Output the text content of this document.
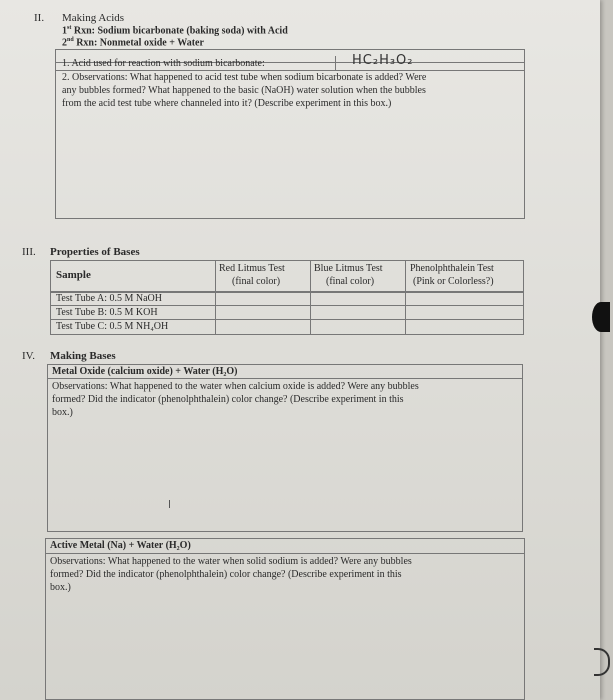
II. Making Acids
1st Rxn: Sodium bicarbonate (baking soda) with Acid
2nd Rxn: Nonmetal oxide + Water
1. Acid used for reaction with sodium bicarbonate:	HC₂H₃O₂
2. Observations: What happened to acid test tube when sodium bicarbonate is added? Were
any bubbles formed? What happened to the basic (NaOH) water solution when the bubbles
from the acid test tube where channeled into it? (Describe experiment in this box.)
III. Properties of Bases
Sample
Red Litmus Test
(final color)
Blue Litmus Test
(final color)
Phenolphthalein Test
(Pink or Colorless?)
Test Tube A: 0.5 M NaOH
Test Tube B: 0.5 M KOH
Test Tube C: 0.5 M NH₄OH
IV. Making Bases
Metal Oxide (calcium oxide) + Water (H₂O)
Observations: What happened to the water when calcium oxide is added? Were any bubbles
formed? Did the indicator (phenolphthalein) color change? (Describe experiment in this
box.)
Active Metal (Na) + Water (H₂O)
Observations: What happened to the water when solid sodium is added? Were any bubbles
formed? Did the indicator (phenolphthalein) color change? (Describe experiment in this
box.)
